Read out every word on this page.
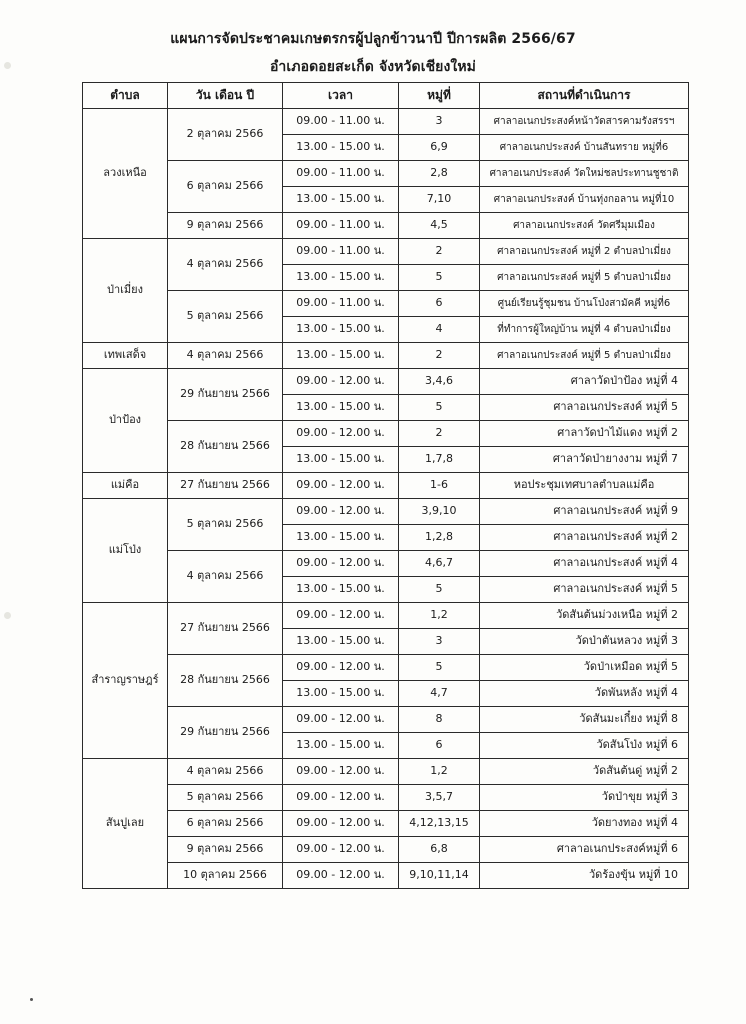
แผนการจัดประชาคมเกษตรกรผู้ปลูกข้าวนาปี ปีการผลิต 2566/67
อำเภอดอยสะเก็ด จังหวัดเชียงใหม่
ตำบล	วัน เดือน ปี	เวลา	หมู่ที่	สถานที่ดำเนินการ
ลวงเหนือ	2 ตุลาคม 2566	09.00 - 11.00 น.	3	ศาลาอเนกประสงค์หน้าวัดสารคามรังสรรฯ
		13.00 - 15.00 น.	6,9	ศาลาอเนกประสงค์ บ้านสันทราย หมู่ที่6
	6 ตุลาคม 2566	09.00 - 11.00 น.	2,8	ศาลาอเนกประสงค์ วัดใหม่ชลประทานชูชาติ
		13.00 - 15.00 น.	7,10	ศาลาอเนกประสงค์ บ้านทุ่งกอลาน หมู่ที่10
	9 ตุลาคม 2566	09.00 - 11.00 น.	4,5	ศาลาอเนกประสงค์ วัดศรีมุมเมือง
ป่าเมี่ยง	4 ตุลาคม 2566	09.00 - 11.00 น.	2	ศาลาอเนกประสงค์ หมู่ที่ 2 ตำบลป่าเมี่ยง
		13.00 - 15.00 น.	5	ศาลาอเนกประสงค์ หมู่ที่ 5 ตำบลป่าเมี่ยง
	5 ตุลาคม 2566	09.00 - 11.00 น.	6	ศูนย์เรียนรู้ชุมชน บ้านโป่งสามัคคี หมู่ที่6
		13.00 - 15.00 น.	4	ที่ทำการผู้ใหญ่บ้าน หมู่ที่ 4 ตำบลป่าเมี่ยง
เทพเสด็จ	4 ตุลาคม 2566	13.00 - 15.00 น.	2	ศาลาอเนกประสงค์ หมู่ที่ 5 ตำบลป่าเมี่ยง
ป่าป้อง	29 กันยายน 2566	09.00 - 12.00 น.	3,4,6	ศาลาวัดป่าป้อง หมู่ที่ 4
		13.00 - 15.00 น.	5	ศาลาอเนกประสงค์ หมู่ที่ 5
	28 กันยายน 2566	09.00 - 12.00 น.	2	ศาลาวัดป่าไม้แดง หมู่ที่ 2
		13.00 - 15.00 น.	1,7,8	ศาลาวัดป่ายางงาม หมู่ที่ 7
แม่คือ	27 กันยายน 2566	09.00 - 12.00 น.	1-6	หอประชุมเทศบาลตำบลแม่คือ
แม่โป่ง	5 ตุลาคม 2566	09.00 - 12.00 น.	3,9,10	ศาลาอเนกประสงค์ หมู่ที่ 9
		13.00 - 15.00 น.	1,2,8	ศาลาอเนกประสงค์ หมู่ที่ 2
	4 ตุลาคม 2566	09.00 - 12.00 น.	4,6,7	ศาลาอเนกประสงค์ หมู่ที่ 4
		13.00 - 15.00 น.	5	ศาลาอเนกประสงค์ หมู่ที่ 5
สำราญราษฎร์	27 กันยายน 2566	09.00 - 12.00 น.	1,2	วัดสันต้นม่วงเหนือ หมู่ที่ 2
		13.00 - 15.00 น.	3	วัดป่าตันหลวง หมู่ที่ 3
	28 กันยายน 2566	09.00 - 12.00 น.	5	วัดป่าเหมือด หมู่ที่ 5
		13.00 - 15.00 น.	4,7	วัดพันหลัง หมู่ที่ 4
	29 กันยายน 2566	09.00 - 12.00 น.	8	วัดสันมะเกี๋ยง หมู่ที่ 8
		13.00 - 15.00 น.	6	วัดสันโป่ง หมู่ที่ 6
สันปูเลย	4 ตุลาคม 2566	09.00 - 12.00 น.	1,2	วัดสันต้นดู่ หมู่ที่ 2
	5 ตุลาคม 2566	09.00 - 12.00 น.	3,5,7	วัดป่าขุย หมู่ที่ 3
	6 ตุลาคม 2566	09.00 - 12.00 น.	4,12,13,15	วัดยางทอง หมู่ที่ 4
	9 ตุลาคม 2566	09.00 - 12.00 น.	6,8	ศาลาอเนกประสงค์หมู่ที่ 6
	10 ตุลาคม 2566	09.00 - 12.00 น.	9,10,11,14	วัดร้องขุ้น หมู่ที่ 10
